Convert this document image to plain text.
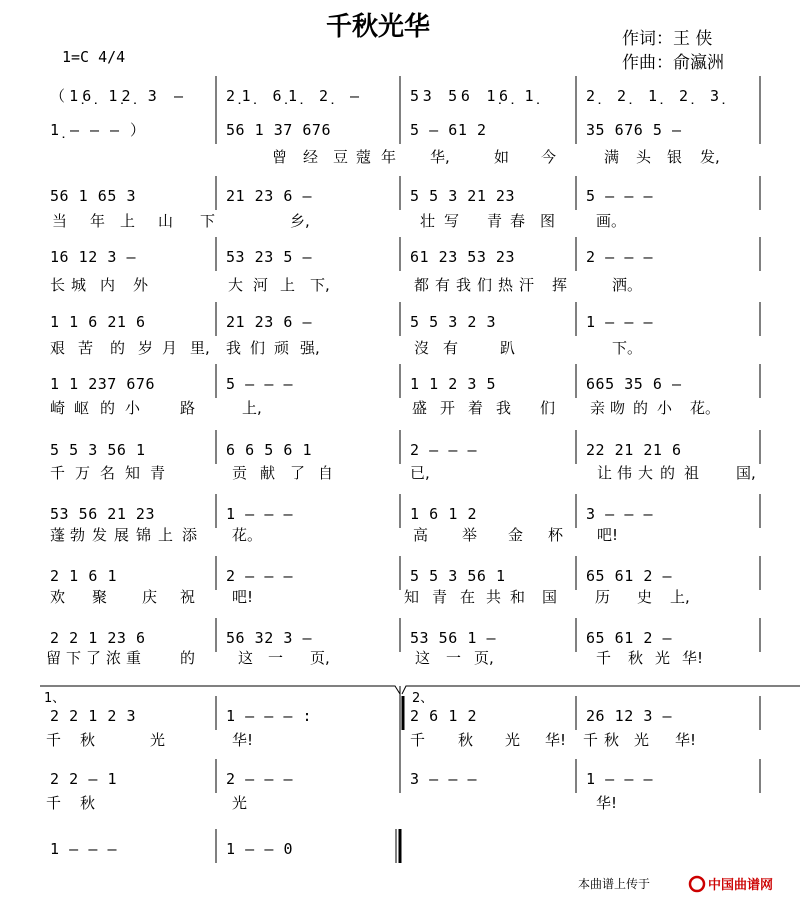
千秋光华
1=C 4/4
作词：王 侠
作曲：俞瀛洲
（1̣6̣ 1̣2̣ 3 —	2̣1̣ 6̣1̣ 2̣ —	53 56 1̣6̣ 1̣	2̣ 2̣ 1̣ 2̣ 3̣
1̣ — — — ）	56 1 37 676	5 — 61 2	35 676 5 —
曾 经 豆 蔻 年 华,	如 今	满 头 银 发,
56 1 65 3	21 23 6 —	5 5 3 21 23	5 — — —
当 年 上 山 下	乡,	壮 写 青 春 图	画。
16 12 3 —	53 23 5 —	61 23 53 23	2 — — —
长 城 内 外	大 河 上 下,	都 有 我 们 热 汗 挥	洒。
1 1 6 21 6	21 23 6 —	5 5 3 2 3	1 — — —
艰 苦 的 岁 月 里, 我 们 顽 强,	沒 有	趴	下。
1 1 237 676	5 — — —	1 1 2 3 5	665 35 6 —
崎 岖 的 小	路	上,	盛 开 着 我 们 亲 吻 的 小 花。
5 5 3 56 1	6 6 5 6 1	2 — — —	22 21 21 6
千 万 名 知 青	贡 献 了 自	已,	让 伟 大 的 祖 国,
53 56 21 23	1 — — —	1 6 1 2	3 — — —
蓬 勃 发 展 锦 上 添 花。	高 举 金 杯 吧!
2 1 6 1	2 — — —	5 5 3 56 1	65 61 2 —
欢 聚 庆 祝 吧!	知 青 在 共 和 国	历 史 上,
2 2 1 23 6	56 32 3 —	53 56 1 —	65 61 2 —
留 下 了 浓 重	的	这 一 页,	这 一 页,	千 秋 光 华!
2 2 1 2 3	1 — — — :	2 6 1 2	26 12 3 —
千 秋	光	华!	千 秋 光 华! 千 秋 光 华!
2 2 — 1	2 — — —	3 — — —	1 — — —
千 秋	光	华!
1 — — —	1 — — 0
1、	2、
本曲谱上传于	中国曲谱网
